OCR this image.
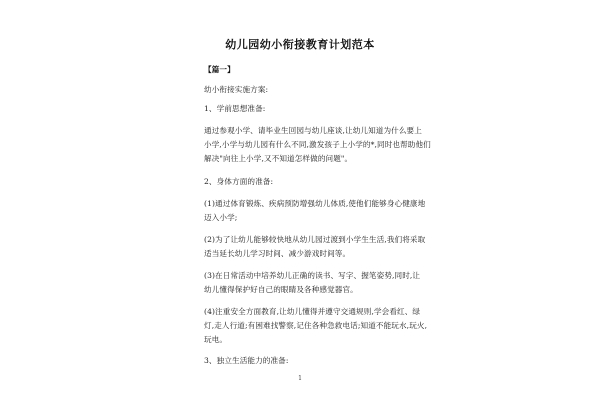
幼儿园幼小衔接教育计划范本
【篇一】
幼小衔接实施方案:
1、学前思想准备:
通过参观小学、请毕业生回园与幼儿座谈,让幼儿知道为什么要上
小学,小学与幼儿园有什么不同,激发孩子上小学的*,同时也帮助他们
解决"向往上小学,又不知道怎样做的问题"。
2、身体方面的准备:
(1)通过体育锻炼、疾病预防增强幼儿体质,使他们能够身心健康地
迈入小学;
(2)为了让幼儿能够较快地从幼儿园过渡到小学生生活,我们将采取
适当延长幼儿学习时间、减少游戏时间等。
(3)在日常活动中培养幼儿正确的读书、写字、握笔姿势,同时,让
幼儿懂得保护好自己的眼睛及各种感觉器官。
(4)注重安全方面教育,让幼儿懂得并遵守交通规则,学会看红、绿
灯,走人行道;有困难找警察,记住各种急救电话;知道不能玩水,玩火,
玩电。
3、独立生活能力的准备:
1
